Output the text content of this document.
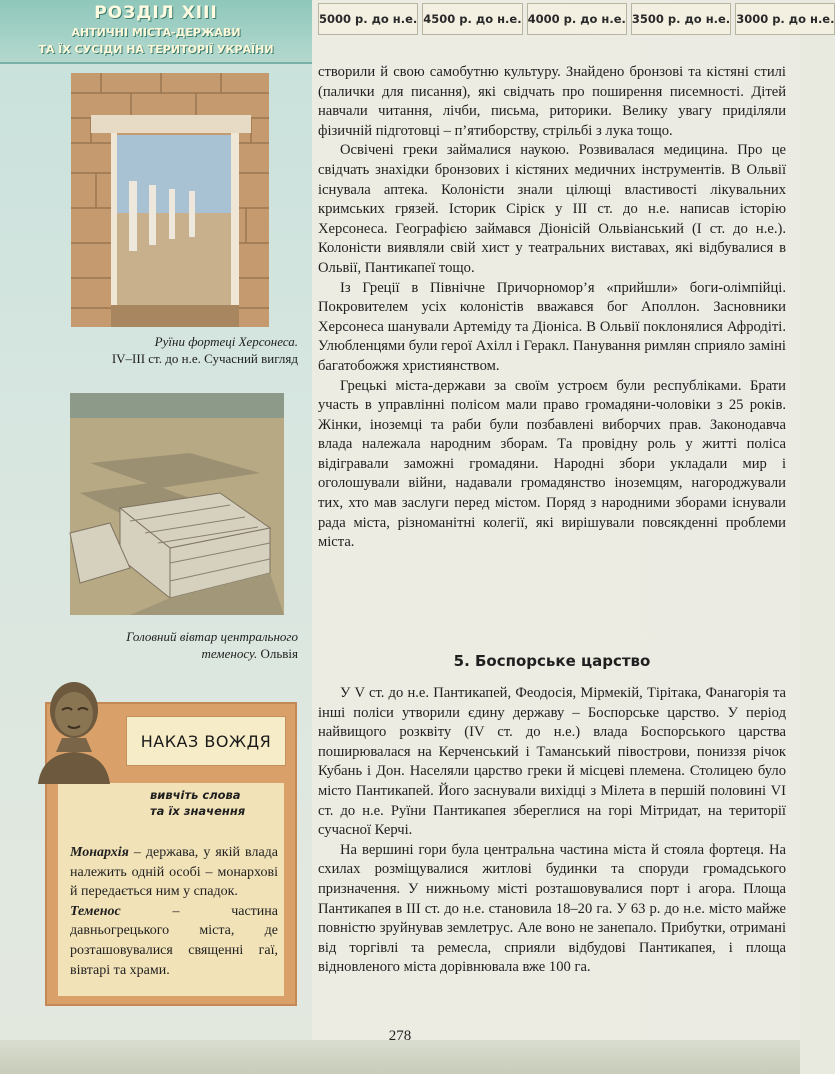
РОЗДІЛ XIII
АНТИЧНІ МІСТА-ДЕРЖАВИ
ТА ЇХ СУСІДИ НА ТЕРИТОРІЇ УКРАЇНИ
5000 р. до н.е. 4500 р. до н.е. 4000 р. до н.е. 3500 р. до н.е. 3000 р. до н.е.
Руїни фортеці Херсонеса.
IV–III ст. до н.е. Сучасний вигляд
Головний вівтар центрального
теменосу. Ольвія

створили й свою самобутню культуру. Знайдено бронзові та кістяні стилі (палички для писання), які свідчать про поширення писемності. Дітей навчали читання, лічби, письма, риторики. Велику увагу приділяли фізичній підготовці – п’ятиборству, стрільбі з лука тощо.

Освічені греки займалися наукою. Розвивалася медицина. Про це свідчать знахідки бронзових і кістяних медичних інструментів. В Ольвії існувала аптека. Колоністи знали цілющі властивості лікувальних кримських грязей. Історик Сіріск у III ст. до н.е. написав історію Херсонеса. Географією займався Діонісій Ольвіанський (I ст. до н.е.). Колоністи виявляли свій хист у театральних виставах, які відбувалися в Ольвії, Пантикапеї тощо.

Із Греції в Північне Причорномор’я «прийшли» боги-олімпійці. Покровителем усіх колоністів вважався бог Аполлон. Засновники Херсонеса шанували Артеміду та Діоніса. В Ольвії поклонялися Афродіті. Улюбленцями були герої Ахілл і Геракл. Панування римлян сприяло заміні багатобожжя християнством.

Грецькі міста-держави за своїм устроєм були республіками. Брати участь в управлінні полісом мали право громадяни-чоловіки з 25 років. Жінки, іноземці та раби були позбавлені виборчих прав. Законодавча влада належала народним зборам. Та провідну роль у житті поліса відігравали заможні громадяни. Народні збори укладали мир і оголошували війни, надавали громадянство іноземцям, нагороджували тих, хто мав заслуги перед містом. Поряд з народними зборами існували рада міста, різноманітні колегії, які вирішували повсякденні проблеми міста.

5. Боспорське царство

У V ст. до н.е. Пантикапей, Феодосія, Мірмекій, Тірітака, Фанагорія та інші поліси утворили єдину державу – Боспорське царство. У період найвищого розквіту (IV ст. до н.е.) влада Боспорського царства поширювалася на Керченський і Таманський півострови, пониззя річок Кубань і Дон. Населяли царство греки й місцеві племена. Столицею було місто Пантикапей. Його заснували вихідці з Мілета в першій половині VI ст. до н.е. Руїни Пантикапея збереглися на горі Мітридат, на території сучасної Керчі.

На вершині гори була центральна частина міста й стояла фортеця. На схилах розміщувалися житлові будинки та споруди громадського призначення. У нижньому місті розташовувалися порт і агора. Площа Пантикапея в III ст. до н.е. становила 18–20 га. У 63 р. до н.е. місто майже повністю зруйнував землетрус. Але воно не занепало. Прибутки, отримані від торгівлі та ремесла, сприяли відбудові Пантикапея, і площа відновленого міста дорівнювала вже 100 га.

НАКАЗ ВОЖДЯ
вивчіть слова
та їх значення

Монархія – держава, у якій влада належить одній особі – монархові й передається ним у спадок.

Теменос – частина давньогрецького міста, де розташовувалися священні гаї, вівтарі та храми.

278
